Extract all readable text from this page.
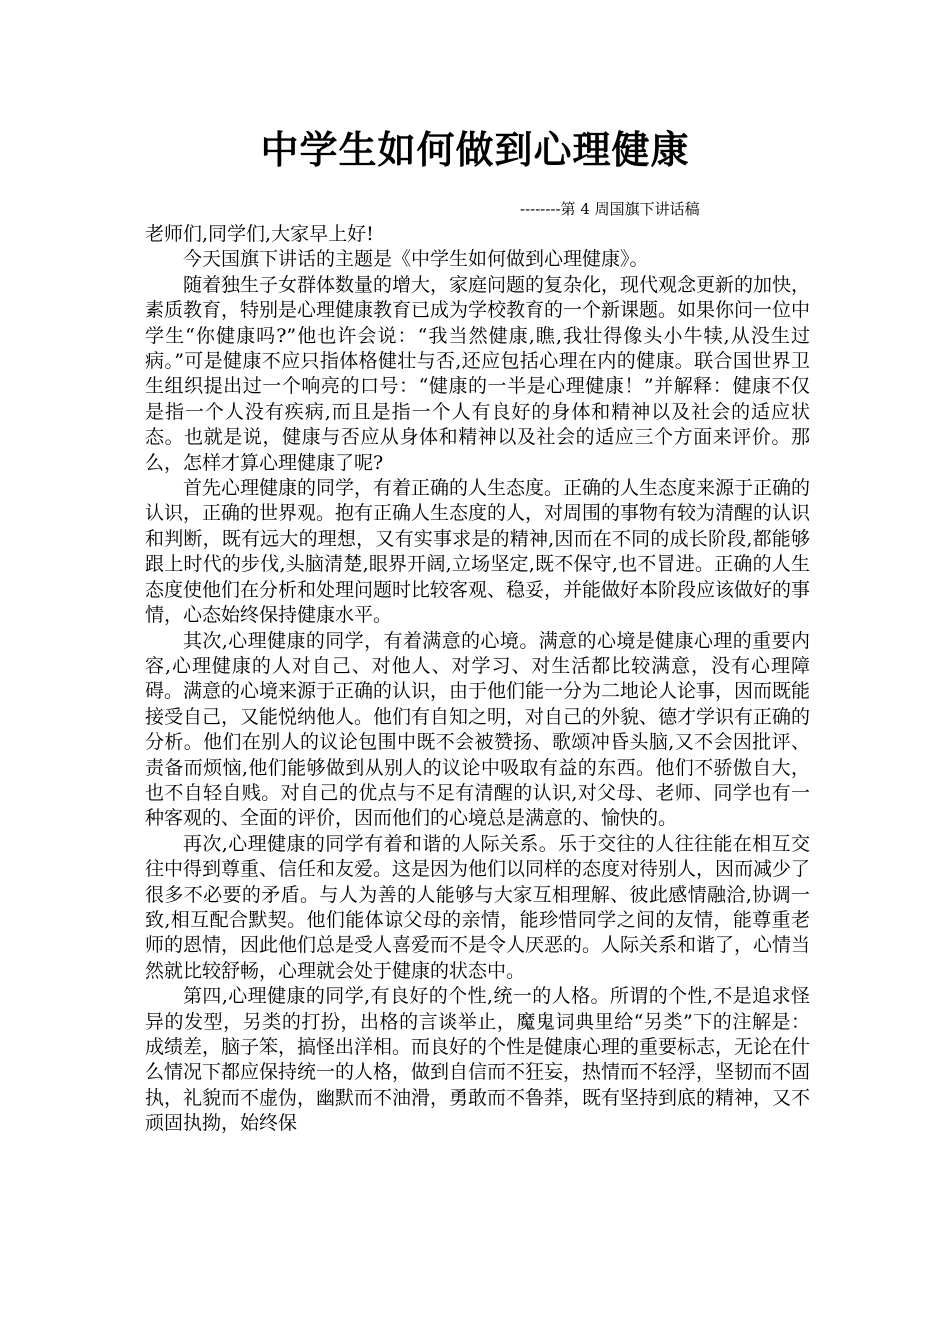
中学生如何做到心理健康
--------第 4 周国旗下讲话稿

老师们,同学们,大家早上好!

今天国旗下讲话的主题是《中学生如何做到心理健康》。

随着独生子女群体数量的增大，家庭问题的复杂化，现代观念更新的加快，素质教育，特别是心理健康教育已成为学校教育的一个新课题。如果你问一位中学生“你健康吗?”他也许会说：“我当然健康,瞧,我壮得像头小牛犊,从没生过病。”可是健康不应只指体格健壮与否,还应包括心理在内的健康。联合国世界卫生组织提出过一个响亮的口号：“健康的一半是心理健康！”并解释：健康不仅是指一个人没有疾病,而且是指一个人有良好的身体和精神以及社会的适应状态。也就是说，健康与否应从身体和精神以及社会的适应三个方面来评价。那么，怎样才算心理健康了呢?

首先心理健康的同学，有着正确的人生态度。正确的人生态度来源于正确的认识，正确的世界观。抱有正确人生态度的人，对周围的事物有较为清醒的认识和判断，既有远大的理想，又有实事求是的精神,因而在不同的成长阶段,都能够跟上时代的步伐,头脑清楚,眼界开阔,立场坚定,既不保守,也不冒进。正确的人生态度使他们在分析和处理问题时比较客观、稳妥，并能做好本阶段应该做好的事情，心态始终保持健康水平。

其次,心理健康的同学，有着满意的心境。满意的心境是健康心理的重要内容,心理健康的人对自己、对他人、对学习、对生活都比较满意，没有心理障碍。满意的心境来源于正确的认识，由于他们能一分为二地论人论事，因而既能接受自己，又能悦纳他人。他们有自知之明，对自己的外貌、德才学识有正确的分析。他们在别人的议论包围中既不会被赞扬、歌颂冲昏头脑,又不会因批评、责备而烦恼,他们能够做到从别人的议论中吸取有益的东西。他们不骄傲自大，也不自轻自贱。对自己的优点与不足有清醒的认识,对父母、老师、同学也有一种客观的、全面的评价，因而他们的心境总是满意的、愉快的。

再次,心理健康的同学有着和谐的人际关系。乐于交往的人往往能在相互交往中得到尊重、信任和友爱。这是因为他们以同样的态度对待别人，因而减少了很多不必要的矛盾。与人为善的人能够与大家互相理解、彼此感情融洽,协调一致,相互配合默契。他们能体谅父母的亲情，能珍惜同学之间的友情，能尊重老师的恩情，因此他们总是受人喜爱而不是令人厌恶的。人际关系和谐了，心情当然就比较舒畅，心理就会处于健康的状态中。

第四,心理健康的同学,有良好的个性,统一的人格。所谓的个性,不是追求怪异的发型，另类的打扮，出格的言谈举止，魔鬼词典里给“另类”下的注解是：成绩差，脑子笨，搞怪出洋相。而良好的个性是健康心理的重要标志，无论在什么情况下都应保持统一的人格，做到自信而不狂妄，热情而不轻浮，坚韧而不固执，礼貌而不虚伪，幽默而不油滑，勇敢而不鲁莽，既有坚持到底的精神，又不顽固执拗，始终保
